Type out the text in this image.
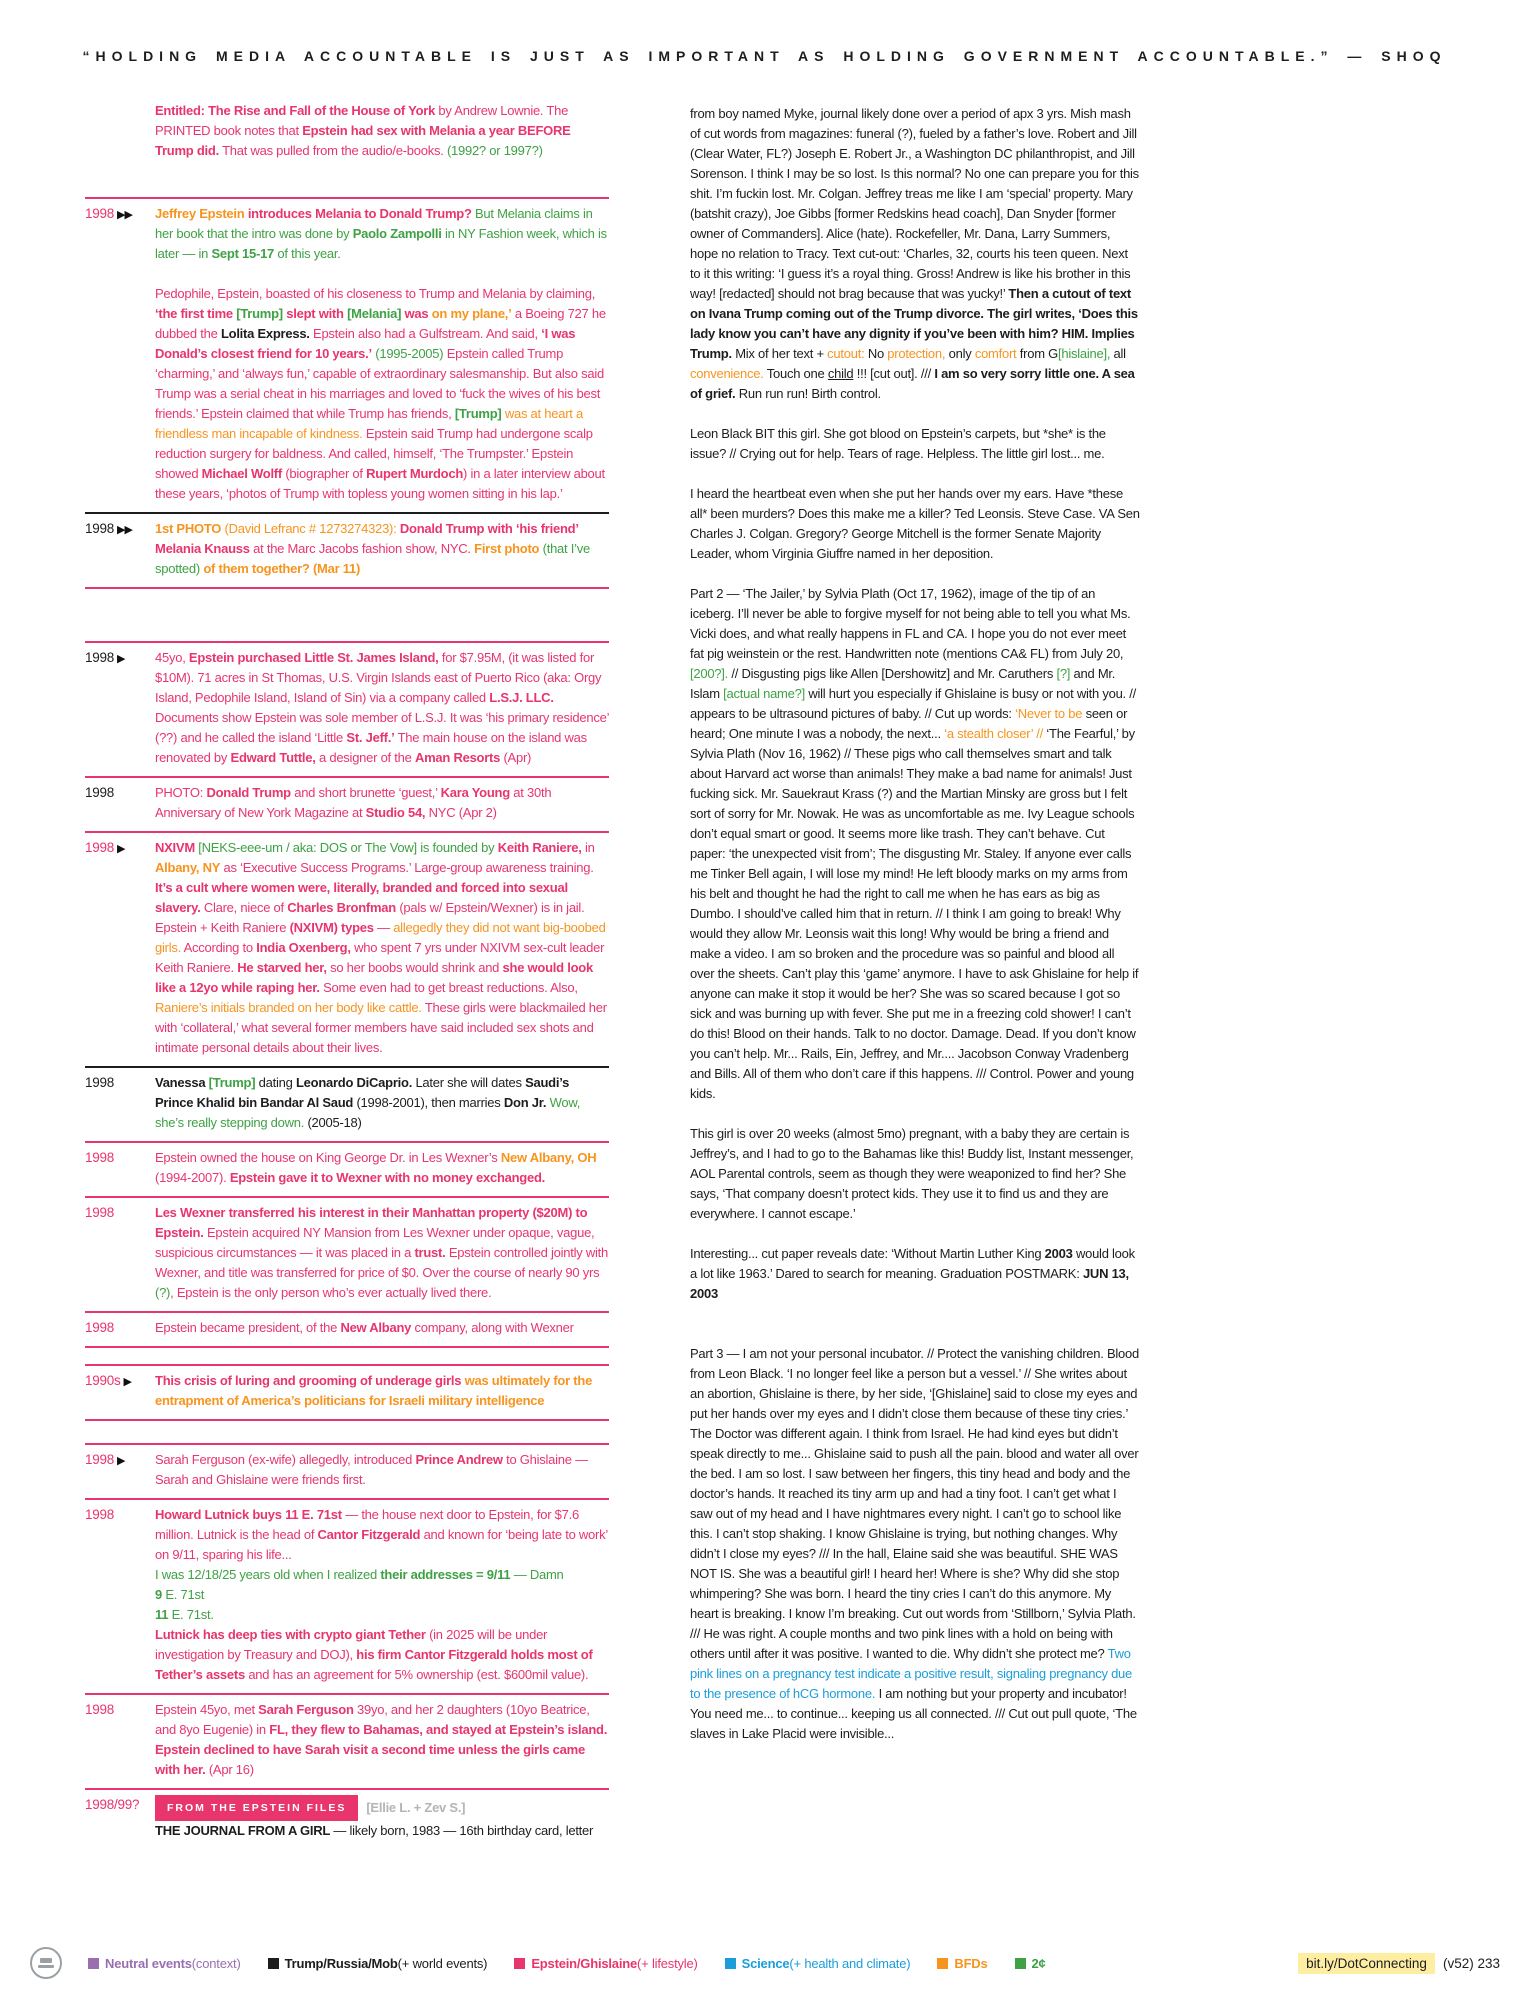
“HOLDING MEDIA ACCOUNTABLE IS JUST AS IMPORTANT AS HOLDING GOVERNMENT ACCOUNTABLE.” — SHOQ
Entitled: The Rise and Fall of the House of York by Andrew Lownie. The PRINTED book notes that Epstein had sex with Melania a year BEFORE Trump did. That was pulled from the audio/e-books. (1992? or 1997?)
1998 ▶▶	Jeffrey Epstein introduces Melania to Donald Trump? But Melania claims in her book that the intro was done by Paolo Zampolli in NY Fashion week, which is later — in Sept 15-17 of this year.
Pedophile, Epstein, boasted of his closeness to Trump and Melania by claiming, ‘the first time [Trump] slept with [Melania] was on my plane,’ a Boeing 727 he dubbed the Lolita Express. Epstein also had a Gulfstream. And said, ‘I was Donald’s closest friend for 10 years.’ (1995-2005) Epstein called Trump ‘charming,’ and ‘always fun,’ capable of extraordinary salesmanship. But also said Trump was a serial cheat in his marriages and loved to ‘fuck the wives of his best friends.’ Epstein claimed that while Trump has friends, [Trump] was at heart a friendless man incapable of kindness. Epstein said Trump had undergone scalp reduction surgery for baldness. And called, himself, ‘The Trumpster.’ Epstein showed Michael Wolff (biographer of Rupert Murdoch) in a later interview about these years, ‘photos of Trump with topless young women sitting in his lap.’
1998 ▶▶	1st PHOTO (David Lefranc # 1273274323): Donald Trump with ‘his friend’ Melania Knauss at the Marc Jacobs fashion show, NYC. First photo (that I’ve spotted) of them together? (Mar 11)
1998 ▶	45yo, Epstein purchased Little St. James Island, for $7.95M, (it was listed for $10M). 71 acres in St Thomas, U.S. Virgin Islands east of Puerto Rico (aka: Orgy Island, Pedophile Island, Island of Sin) via a company called L.S.J. LLC. Documents show Epstein was sole member of L.S.J. It was ‘his primary residence’ (??) and he called the island ‘Little St. Jeff.’ The main house on the island was renovated by Edward Tuttle, a designer of the Aman Resorts (Apr)
1998	PHOTO: Donald Trump and short brunette ‘guest,’ Kara Young at 30th Anniversary of New York Magazine at Studio 54, NYC (Apr 2)
1998 ▶	NXIVM [NEKS-eee-um / aka: DOS or The Vow] is founded by Keith Raniere, in Albany, NY as ‘Executive Success Programs.’ Large-group awareness training. It’s a cult where women were, literally, branded and forced into sexual slavery. Clare, niece of Charles Bronfman (pals w/ Epstein/Wexner) is in jail. Epstein + Keith Raniere (NXIVM) types — allegedly they did not want big-boobed girls. According to India Oxenberg, who spent 7 yrs under NXIVM sex-cult leader Keith Raniere. He starved her, so her boobs would shrink and she would look like a 12yo while raping her. Some even had to get breast reductions. Also, Raniere’s initials branded on her body like cattle. These girls were blackmailed her with ‘collateral,’ what several former members have said included sex shots and intimate personal details about their lives.
1998	Vanessa [Trump] dating Leonardo DiCaprio. Later she will dates Saudi’s Prince Khalid bin Bandar Al Saud (1998-2001), then marries Don Jr. Wow, she’s really stepping down. (2005-18)
1998	Epstein owned the house on King George Dr. in Les Wexner’s New Albany, OH (1994-2007). Epstein gave it to Wexner with no money exchanged.
1998	Les Wexner transferred his interest in their Manhattan property ($20M) to Epstein. Epstein acquired NY Mansion from Les Wexner under opaque, vague, suspicious circumstances — it was placed in a trust. Epstein controlled jointly with Wexner, and title was transferred for price of $0. Over the course of nearly 90 yrs (?), Epstein is the only person who’s ever actually lived there.
1998	Epstein became president, of the New Albany company, along with Wexner
1990s ▶	This crisis of luring and grooming of underage girls was ultimately for the entrapment of America’s politicians for Israeli military intelligence
1998 ▶	Sarah Ferguson (ex-wife) allegedly, introduced Prince Andrew to Ghislaine — Sarah and Ghislaine were friends first.
1998	Howard Lutnick buys 11 E. 71st — the house next door to Epstein, for $7.6 million. Lutnick is the head of Cantor Fitzgerald and known for ‘being late to work’ on 9/11, sparing his life...
I was 12/18/25 years old when I realized their addresses = 9/11 — Damn
9 E. 71st
11 E. 71st.
Lutnick has deep ties with crypto giant Tether (in 2025 will be under investigation by Treasury and DOJ), his firm Cantor Fitzgerald holds most of Tether’s assets and has an agreement for 5% ownership (est. $600mil value).
1998	Epstein 45yo, met Sarah Ferguson 39yo, and her 2 daughters (10yo Beatrice, and 8yo Eugenie) in FL, they flew to Bahamas, and stayed at Epstein’s island. Epstein declined to have Sarah visit a second time unless the girls came with her. (Apr 16)
1998/99?	FROM THE EPSTEIN FILES [Ellie L. + Zev S.]
THE JOURNAL FROM A GIRL — likely born, 1983 — 16th birthday card, letter

from boy named Myke, journal likely done over a period of apx 3 yrs. Mish mash of cut words from magazines: funeral (?), fueled by a father’s love. Robert and Jill (Clear Water, FL?) Joseph E. Robert Jr., a Washington DC philanthropist, and Jill Sorenson. I think I may be so lost. Is this normal? No one can prepare you for this shit. I’m fuckin lost. Mr. Colgan. Jeffrey treas me like I am ‘special’ property. Mary (batshit crazy), Joe Gibbs [former Redskins head coach], Dan Snyder [former owner of Commanders]. Alice (hate). Rockefeller, Mr. Dana, Larry Summers, hope no relation to Tracy. Text cut-out: ‘Charles, 32, courts his teen queen. Next to it this writing: ‘I guess it’s a royal thing. Gross! Andrew is like his brother in this way! [redacted] should not brag because that was yucky!’ Then a cutout of text on Ivana Trump coming out of the Trump divorce. The girl writes, ‘Does this lady know you can’t have any dignity if you’ve been with him? HIM. Implies Trump. Mix of her text + cutout: No protection, only comfort from G[hislaine], all convenience. Touch one child !!! [cut out]. /// I am so very sorry little one. A sea of grief. Run run run! Birth control.

Leon Black BIT this girl. She got blood on Epstein’s carpets, but *she* is the issue? // Crying out for help. Tears of rage. Helpless. The little girl lost... me.

I heard the heartbeat even when she put her hands over my ears. Have *these all* been murders? Does this make me a killer? Ted Leonsis. Steve Case. VA Sen Charles J. Colgan. Gregory? George Mitchell is the former Senate Majority Leader, whom Virginia Giuffre named in her deposition.

Part 2 — ‘The Jailer,’ by Sylvia Plath (Oct 17, 1962), image of the tip of an iceberg. I’ll never be able to forgive myself for not being able to tell you what Ms. Vicki does, and what really happens in FL and CA. I hope you do not ever meet fat pig weinstein or the rest. Handwritten note (mentions CA& FL) from July 20, [200?]. // Disgusting pigs like Allen [Dershowitz] and Mr. Caruthers [?] and Mr. Islam [actual name?] will hurt you especially if Ghislaine is busy or not with you. // appears to be ultrasound pictures of baby. // Cut up words: ‘Never to be seen or heard; One minute I was a nobody, the next... ‘a stealth closer’ // ‘The Fearful,’ by Sylvia Plath (Nov 16, 1962) // These pigs who call themselves smart and talk about Harvard act worse than animals! They make a bad name for animals! Just fucking sick. Mr. Sauekraut Krass (?) and the Martian Minsky are gross but I felt sort of sorry for Mr. Nowak. He was as uncomfortable as me. Ivy League schools don’t equal smart or good. It seems more like trash. They can’t behave. Cut paper: ‘the unexpected visit from’; The disgusting Mr. Staley. If anyone ever calls me Tinker Bell again, I will lose my mind! He left bloody marks on my arms from his belt and thought he had the right to call me when he has ears as big as Dumbo. I should’ve called him that in return. // I think I am going to break! Why would they allow Mr. Leonsis wait this long! Why would be bring a friend and make a video. I am so broken and the procedure was so painful and blood all over the sheets. Can’t play this ‘game’ anymore. I have to ask Ghislaine for help if anyone can make it stop it would be her? She was so scared because I got so sick and was burning up with fever. She put me in a freezing cold shower! I can’t do this! Blood on their hands. Talk to no doctor. Damage. Dead. If you don’t know you can’t help. Mr... Rails, Ein, Jeffrey, and Mr.... Jacobson Conway Vradenberg and Bills. All of them who don’t care if this happens. /// Control. Power and young kids.

This girl is over 20 weeks (almost 5mo) pregnant, with a baby they are certain is Jeffrey’s, and I had to go to the Bahamas like this! Buddy list, Instant messenger, AOL Parental controls, seem as though they were weaponized to find her? She says, ‘That company doesn’t protect kids. They use it to find us and they are everywhere. I cannot escape.’

Interesting... cut paper reveals date: ‘Without Martin Luther King 2003 would look a lot like 1963.’ Dared to search for meaning. Graduation POSTMARK: JUN 13, 2003

Part 3 — I am not your personal incubator. // Protect the vanishing children. Blood from Leon Black. ‘I no longer feel like a person but a vessel.’ // She writes about an abortion, Ghislaine is there, by her side, ‘[Ghislaine] said to close my eyes and put her hands over my eyes and I didn’t close them because of these tiny cries.’ The Doctor was different again. I think from Israel. He had kind eyes but didn’t speak directly to me... Ghislaine said to push all the pain. blood and water all over the bed. I am so lost. I saw between her fingers, this tiny head and body and the doctor’s hands. It reached its tiny arm up and had a tiny foot. I can’t get what I saw out of my head and I have nightmares every night. I can’t go to school like this. I can’t stop shaking. I know Ghislaine is trying, but nothing changes. Why didn’t I close my eyes? /// In the hall, Elaine said she was beautiful. SHE WAS NOT IS. She was a beautiful girl! I heard her! Where is she? Why did she stop whimpering? She was born. I heard the tiny cries I can’t do this anymore. My heart is breaking. I know I’m breaking. Cut out words from ‘Stillborn,’ Sylvia Plath. /// He was right. A couple months and two pink lines with a hold on being with others until after it was positive. I wanted to die. Why didn’t she protect me? Two pink lines on a pregnancy test indicate a positive result, signaling pregnancy due to the presence of hCG hormone. I am nothing but your property and incubator! You need me... to continue... keeping us all connected. /// Cut out pull quote, ‘The slaves in Lake Placid were invisible...

Neutral events (context)	Trump/Russia/Mob (+ world events)	Epstein/Ghislaine (+ lifestyle)	Science (+ health and climate)	BFDs	2¢	bit.ly/DotConnecting	(v52) 233
